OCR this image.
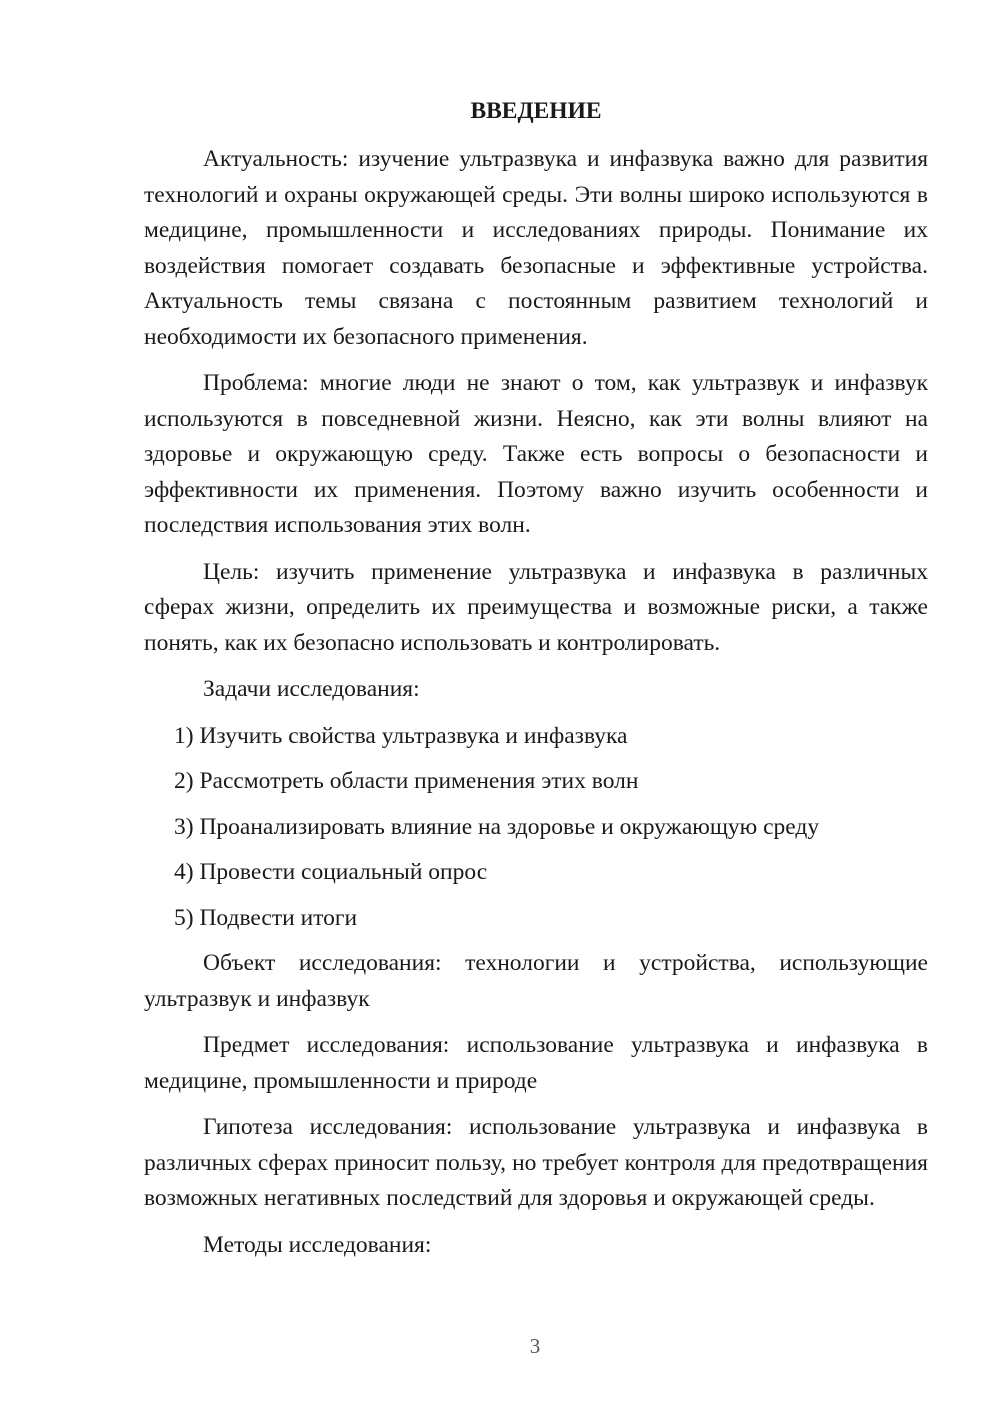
ВВЕДЕНИЕ

Актуальность: изучение ультразвука и инфазвука важно для развития технологий и охраны окружающей среды. Эти волны широко используются в медицине, промышленности и исследованиях природы. Понимание их воздействия помогает создавать безопасные и эффективные устройства. Актуальность темы связана с постоянным развитием технологий и необходимости их безопасного применения.

Проблема: многие люди не знают о том, как ультразвук и инфазвук используются в повседневной жизни. Неясно, как эти волны влияют на здоровье и окружающую среду. Также есть вопросы о безопасности и эффективности их применения. Поэтому важно изучить особенности и последствия использования этих волн.

Цель: изучить применение ультразвука и инфазвука в различных сферах жизни, определить их преимущества и возможные риски, а также понять, как их безопасно использовать и контролировать.

Задачи исследования:

1) Изучить свойства ультразвука и инфазвука
2) Рассмотреть области применения этих волн
3) Проанализировать влияние на здоровье и окружающую среду
4) Провести социальный опрос
5) Подвести итоги

Объект исследования: технологии и устройства, использующие ультразвук и инфазвук

Предмет исследования: использование ультразвука и инфазвука в медицине, промышленности и природе

Гипотеза исследования: использование ультразвука и инфазвука в различных сферах приносит пользу, но требует контроля для предотвращения возможных негативных последствий для здоровья и окружающей среды.

Методы исследования:

3
